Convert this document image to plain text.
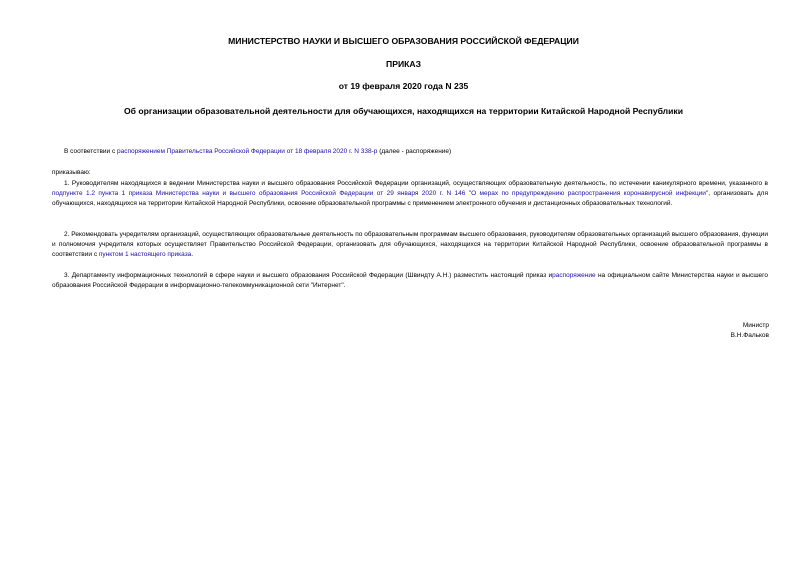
МИНИСТЕРСТВО НАУКИ И ВЫСШЕГО ОБРАЗОВАНИЯ РОССИЙСКОЙ ФЕДЕРАЦИИ
ПРИКАЗ
от 19 февраля 2020 года N 235
Об организации образовательной деятельности для обучающихся, находящихся на территории Китайской Народной Республики
В соответствии с распоряжением Правительства Российской Федерации от 18 февраля 2020 г. N 338-р (далее - распоряжение)
приказываю:
1. Руководителям находящихся в ведении Министерства науки и высшего образования Российской Федерации организаций, осуществляющих образовательную деятельность, по истечении каникулярного времени, указанного в подпункте 1.2 пункта 1 приказа Министерства науки и высшего образования Российской Федерации от 29 января 2020 г. N 146 "О мерах по предупреждению распространения коронавирусной инфекции", организовать для обучающихся, находящихся на территории Китайской Народной Республики, освоение образовательной программы с применением электронного обучения и дистанционных образовательных технологий.
2. Рекомендовать учредителям организаций, осуществляющих образовательные деятельность по образовательным программам высшего образования, руководителям образовательных организаций высшего образования, функции и полномочия учредителя которых осуществляет Правительство Российской Федерации, организовать для обучающихся, находящихся на территории Китайской Народной Республики, освоение образовательной программы в соответствии с пунктом 1 настоящего приказа.
3. Департаменту информационных технологий в сфере науки и высшего образования Российской Федерации (Швиндту А.Н.) разместить настоящий приказ ираспоряжение на официальном сайте Министерства науки и высшего образования Российской Федерации в информационно-телекоммуникационной сети "Интернет".
Министр
В.Н.Фальков
